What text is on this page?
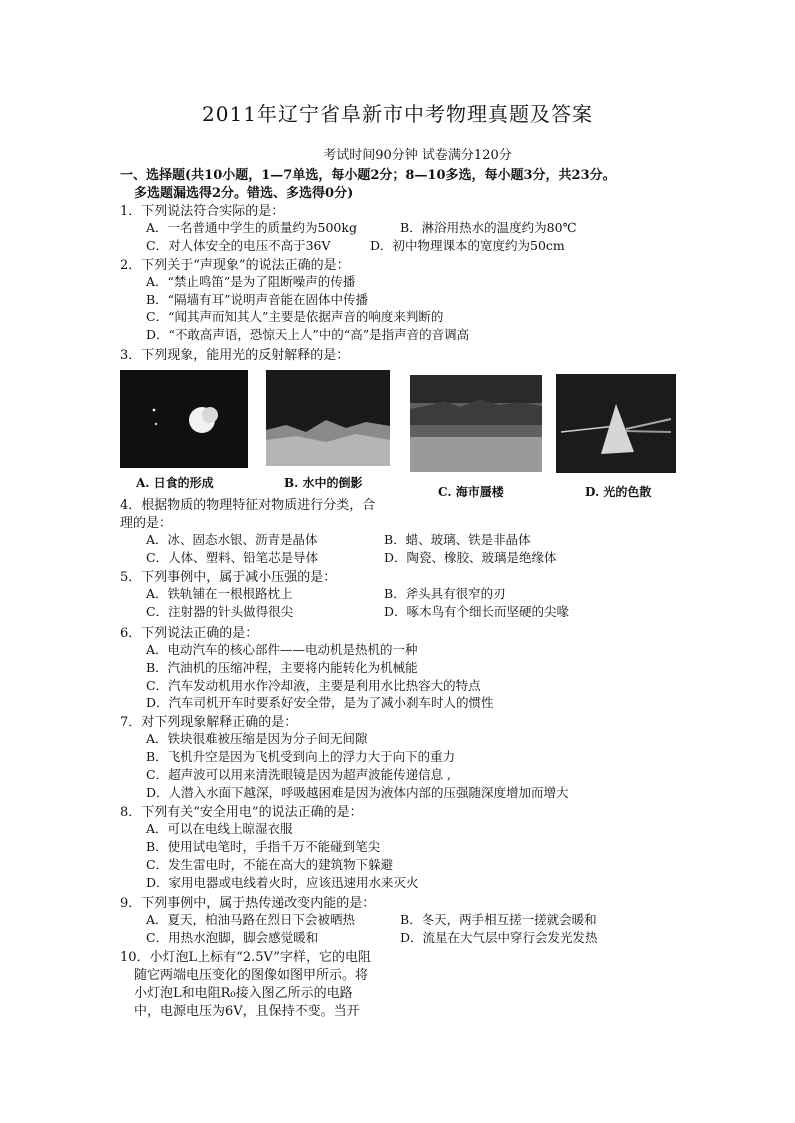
2011年辽宁省阜新市中考物理真题及答案
考试时间90分钟 试卷满分120分
一、选择题(共10小题，1—7单选，每小题2分；8—10多选，每小题3分，共23分。
多选题漏选得2分。错选、多选得0分)
1．下列说法符合实际的是：
A．一名普通中学生的质量约为500kg	B．淋浴用热水的温度约为80℃
C．对人体安全的电压不高于36V	D．初中物理课本的宽度约为50cm
2．下列关于“声现象”的说法正确的是：
A．“禁止鸣笛”是为了阻断噪声的传播
B．“隔墙有耳”说明声音能在固体中传播
C．“闻其声而知其人”主要是依据声音的响度来判断的
D．“不敢高声语，恐惊天上人”中的“高”是指声音的音调高
3．下列现象，能用光的反射解释的是：
A. 日食的形成	B. 水中的倒影
C. 海市蜃楼	D. 光的色散
4．根据物质的物理特征对物质进行分类，合
理的是：
A．冰、固态水银、沥青是晶体	B．蜡、玻璃、铁是非晶体
C．人体、塑料、铅笔芯是导体	D．陶瓷、橡胶、玻璃是绝缘体
5．下列事例中，属于减小压强的是：
A．铁轨铺在一根根路枕上	B．斧头具有很窄的刃
C．注射器的针头做得很尖	D．啄木鸟有个细长而坚硬的尖喙
6．下列说法正确的是：
A．电动汽车的核心部件——电动机是热机的一种
B．汽油机的压缩冲程，主要将内能转化为机械能
C．汽车发动机用水作冷却液，主要是利用水比热容大的特点
D．汽车司机开车时要系好安全带，是为了减小刹车时人的惯性
7．对下列现象解释正确的是：
A．铁块很难被压缩是因为分子间无间隙
B．飞机升空是因为飞机受到向上的浮力大于向下的重力
C．超声波可以用来清洗眼镜是因为超声波能传递信息 ,
D．人潜入水面下越深，呼吸越困难是因为液体内部的压强随深度增加而增大
8．下列有关“安全用电”的说法正确的是：
A．可以在电线上晾湿衣服
B．使用试电笔时，手指千万不能碰到笔尖
C．发生雷电时，不能在高大的建筑物下躲避
D．家用电器或电线着火时，应该迅速用水来灭火
9．下列事例中，属于热传递改变内能的是：
A．夏天，柏油马路在烈日下会被晒热	B．冬天，两手相互搓一搓就会暖和
C．用热水泡脚，脚会感觉暖和	D．流星在大气层中穿行会发光发热
10．小灯泡L上标有“2.5V”字样，它的电阻
随它两端电压变化的图像如图甲所示。将
小灯泡L和电阻R₀接入图乙所示的电路
中，电源电压为6V，且保持不变。当开
